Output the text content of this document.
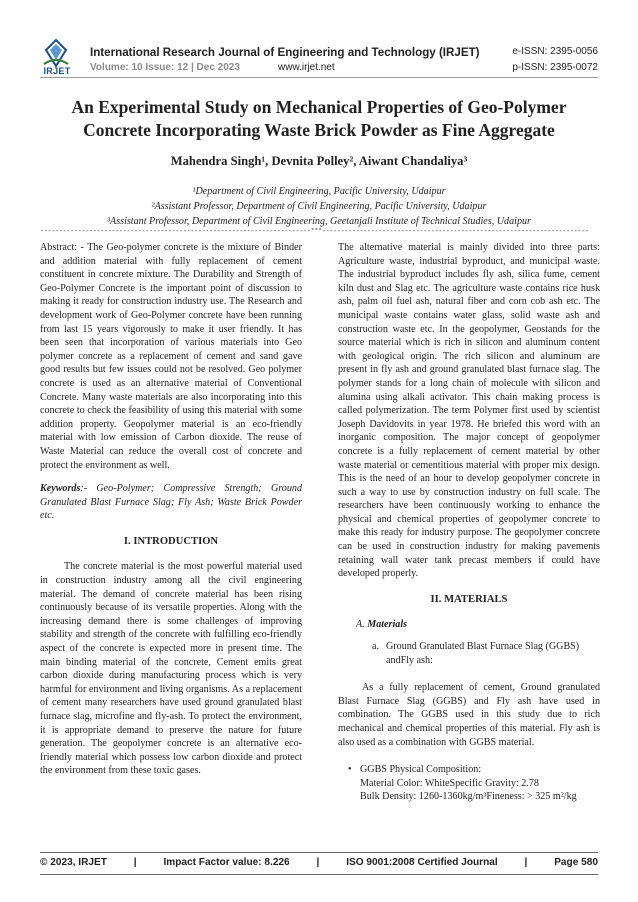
IRJET
International Research Journal of Engineering and Technology (IRJET)
Volume: 10 Issue: 12 | Dec 2023	www.irjet.net
e-ISSN: 2395-0056
p-ISSN: 2395-0072
An Experimental Study on Mechanical Properties of Geo-Polymer
Concrete Incorporating Waste Brick Powder as Fine Aggregate
Mahendra Singh¹, Devnita Polley², Aiwant Chandaliya³
¹Department of Civil Engineering, Pacific University, Udaipur
²Assistant Professor, Department of Civil Engineering, Pacific University, Udaipur
³Assistant Professor, Department of Civil Engineering, Geetanjali Institute of Technical Studies, Udaipur
------------------------------------------------------------------------***-----------------------------------------------------------------------

Abstract: - The Geo-polymer concrete is the mixture of Binder and addition material with fully replacement of cement constituent in concrete mixture. The Durability and Strength of Geo-Polymer Concrete is the important point of discussion to making it ready for construction industry use. The Research and development work of Geo-Polymer concrete have been running from last 15 years vigorously to make it user friendly. It has been seen that incorporation of various materials into Geo polymer concrete as a replacement of cement and sand gave good results but few issues could not be resolved. Geo polymer concrete is used as an alternative material of Conventional Concrete. Many waste materials are also incorporating into this concrete to check the feasibility of using this material with some addition property. Geopolymer material is an eco-friendly material with low emission of Carbon dioxide. The reuse of Waste Material can reduce the overall cost of concrete and protect the environment as well.

Keywords:- Geo-Polymer; Compressive Strength; Ground Granulated Blast Furnace Slag; Fly Ash; Waste Brick Powder etc.

I. INTRODUCTION

The concrete material is the most powerful material used in construction industry among all the civil engineering material. The demand of concrete material has been rising continuously because of its versatile properties. Along with the increasing demand there is some challenges of improving stability and strength of the concrete with fulfilling eco-friendly aspect of the concrete is expected more in present time. The main binding material of the concrete, Cement emits great carbon dioxide during manufacturing process which is very harmful for environment and living organisms. As a replacement of cement many researchers have used ground granulated blast furnace slag, microfine and fly-ash. To protect the environment, it is appropriate demand to preserve the nature for future generation. The geopolymer concrete is an alternative eco-friendly material which possess low carbon dioxide and protect the environment from these toxic gases.

The alternative material is mainly divided into three parts: Agriculture waste, industrial byproduct, and municipal waste. The industrial byproduct includes fly ash, silica fume, cement kiln dust and Slag etc. The agriculture waste contains rice husk ash, palm oil fuel ash, natural fiber and corn cob ash etc. The municipal waste contains water glass, solid waste ash and construction waste etc. In the geopolymer, Geostands for the source material which is rich in silicon and aluminum content with geological origin. The rich silicon and aluminum are present in fly ash and ground granulated blast furnace slag. The polymer stands for a long chain of molecule with silicon and alumina using alkali activator. This chain making process is called polymerization. The term Polymer first used by scientist Joseph Davidovits in year 1978. He briefed this word with an inorganic composition. The major concept of geopolymer concrete is a fully replacement of cement material by other waste material or cementitious material with proper mix design. This is the need of an hour to develop geopolymer concrete in such a way to use by construction industry on full scale. The researchers have been continuously working to enhance the physical and chemical properties of geopolymer concrete to make this ready for industry purpose. The geopolymer concrete can be used in construction industry for making pavements retaining wall water tank precast members if could have developed properly.

II. MATERIALS
A. Materials
a. Ground Granulated Blast Furnace Slag (GGBS) andFly ash:

As a fully replacement of cement, Ground granulated Blast Furnace Slag (GGBS) and Fly ash have used in combination. The GGBS used in this study due to rich mechanical and chemical properties of this material. Fly ash is also used as a combination with GGBS material.

• GGBS Physical Composition:
Material Color: WhiteSpecific Gravity: 2.78
Bulk Density: 1260-1360kg/m³Fineness: > 325 m²/kg
© 2023, IRJET	|	Impact Factor value: 8.226	|	ISO 9001:2008 Certified Journal	|	Page 580
